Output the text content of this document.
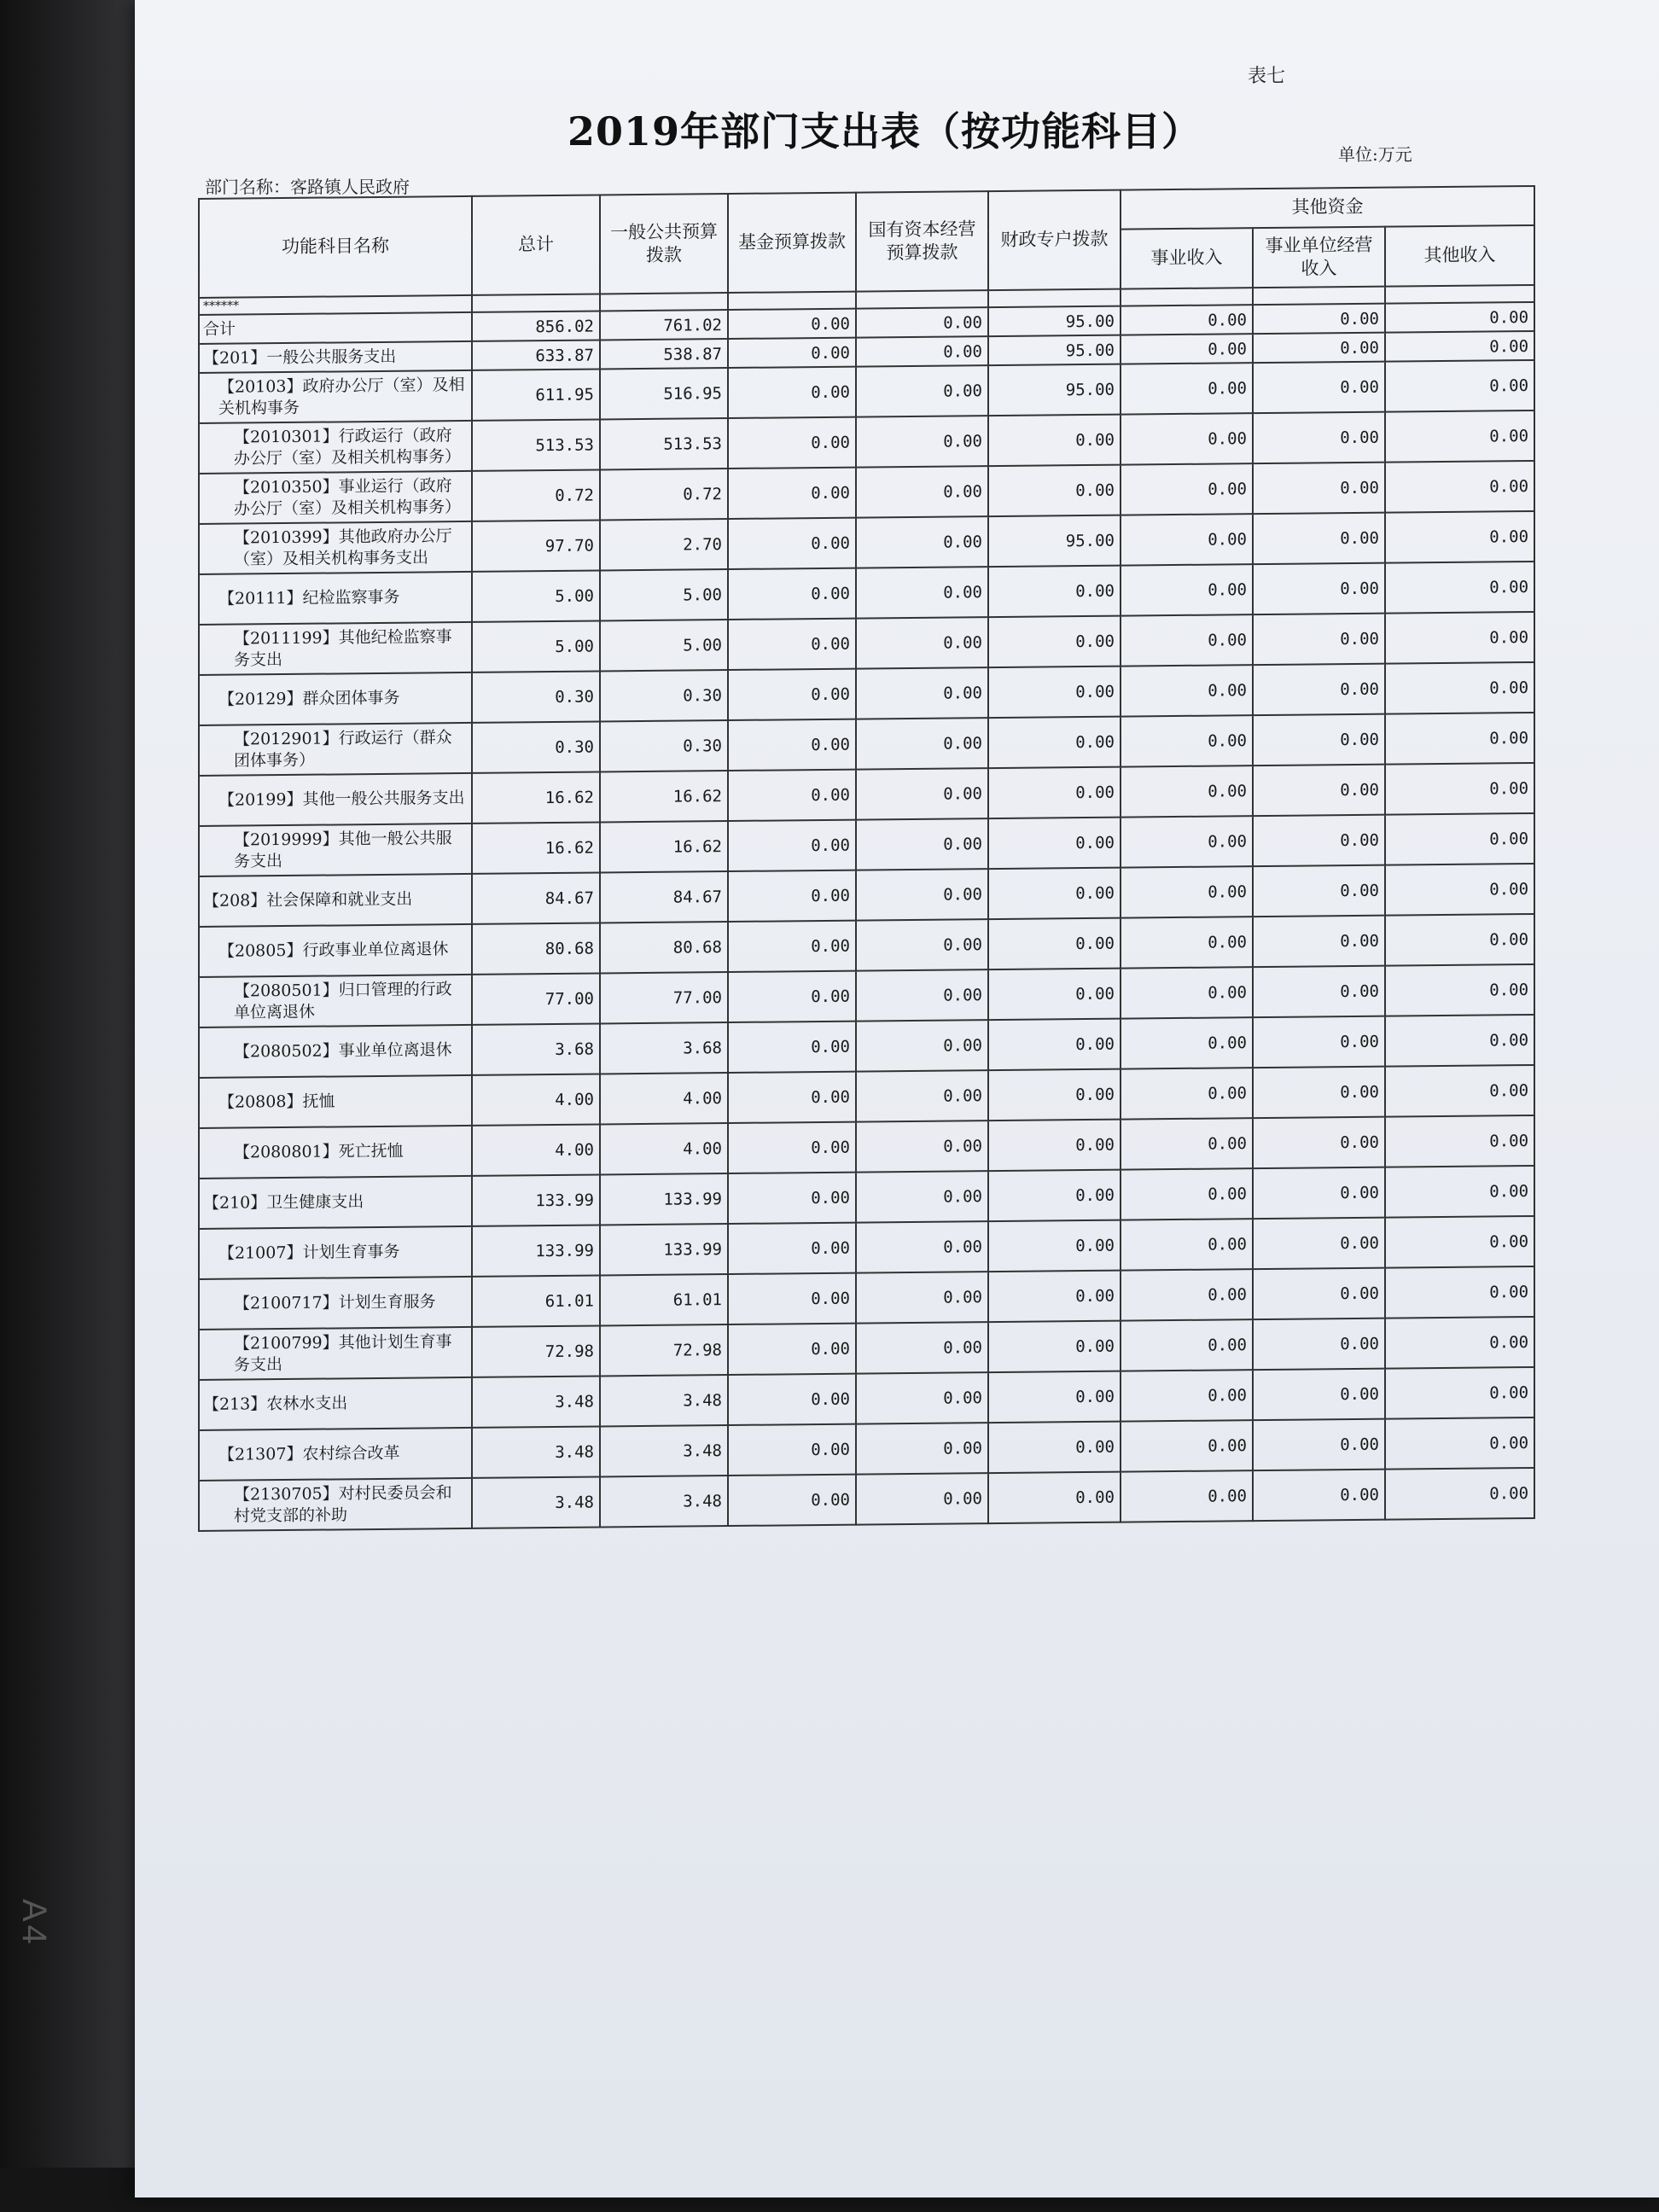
A4
表七
2019年部门支出表（按功能科目）	单位:万元
部门名称：客路镇人民政府
功能科目名称	总计	一般公共预算拨款	基金预算拨款	国有资本经营预算拨款	财政专户拨款	其他资金		
						事业收入	事业单位经营收入	其他收入
******								
合计	856.02	761.02	0.00	0.00	95.00	0.00	0.00	0.00
【201】一般公共服务支出	633.87	538.87	0.00	0.00	95.00	0.00	0.00	0.00
【20103】政府办公厅（室）及相关机构事务	611.95	516.95	0.00	0.00	95.00	0.00	0.00	0.00
【2010301】行政运行（政府办公厅（室）及相关机构事务）	513.53	513.53	0.00	0.00	0.00	0.00	0.00	0.00
【2010350】事业运行（政府办公厅（室）及相关机构事务）	0.72	0.72	0.00	0.00	0.00	0.00	0.00	0.00
【2010399】其他政府办公厅（室）及相关机构事务支出	97.70	2.70	0.00	0.00	95.00	0.00	0.00	0.00
【20111】纪检监察事务	5.00	5.00	0.00	0.00	0.00	0.00	0.00	0.00
【2011199】其他纪检监察事务支出	5.00	5.00	0.00	0.00	0.00	0.00	0.00	0.00
【20129】群众团体事务	0.30	0.30	0.00	0.00	0.00	0.00	0.00	0.00
【2012901】行政运行（群众团体事务）	0.30	0.30	0.00	0.00	0.00	0.00	0.00	0.00
【20199】其他一般公共服务支出	16.62	16.62	0.00	0.00	0.00	0.00	0.00	0.00
【2019999】其他一般公共服务支出	16.62	16.62	0.00	0.00	0.00	0.00	0.00	0.00
【208】社会保障和就业支出	84.67	84.67	0.00	0.00	0.00	0.00	0.00	0.00
【20805】行政事业单位离退休	80.68	80.68	0.00	0.00	0.00	0.00	0.00	0.00
【2080501】归口管理的行政单位离退休	77.00	77.00	0.00	0.00	0.00	0.00	0.00	0.00
【2080502】事业单位离退休	3.68	3.68	0.00	0.00	0.00	0.00	0.00	0.00
【20808】抚恤	4.00	4.00	0.00	0.00	0.00	0.00	0.00	0.00
【2080801】死亡抚恤	4.00	4.00	0.00	0.00	0.00	0.00	0.00	0.00
【210】卫生健康支出	133.99	133.99	0.00	0.00	0.00	0.00	0.00	0.00
【21007】计划生育事务	133.99	133.99	0.00	0.00	0.00	0.00	0.00	0.00
【2100717】计划生育服务	61.01	61.01	0.00	0.00	0.00	0.00	0.00	0.00
【2100799】其他计划生育事务支出	72.98	72.98	0.00	0.00	0.00	0.00	0.00	0.00
【213】农林水支出	3.48	3.48	0.00	0.00	0.00	0.00	0.00	0.00
【21307】农村综合改革	3.48	3.48	0.00	0.00	0.00	0.00	0.00	0.00
【2130705】对村民委员会和村党支部的补助	3.48	3.48	0.00	0.00	0.00	0.00	0.00	0.00
